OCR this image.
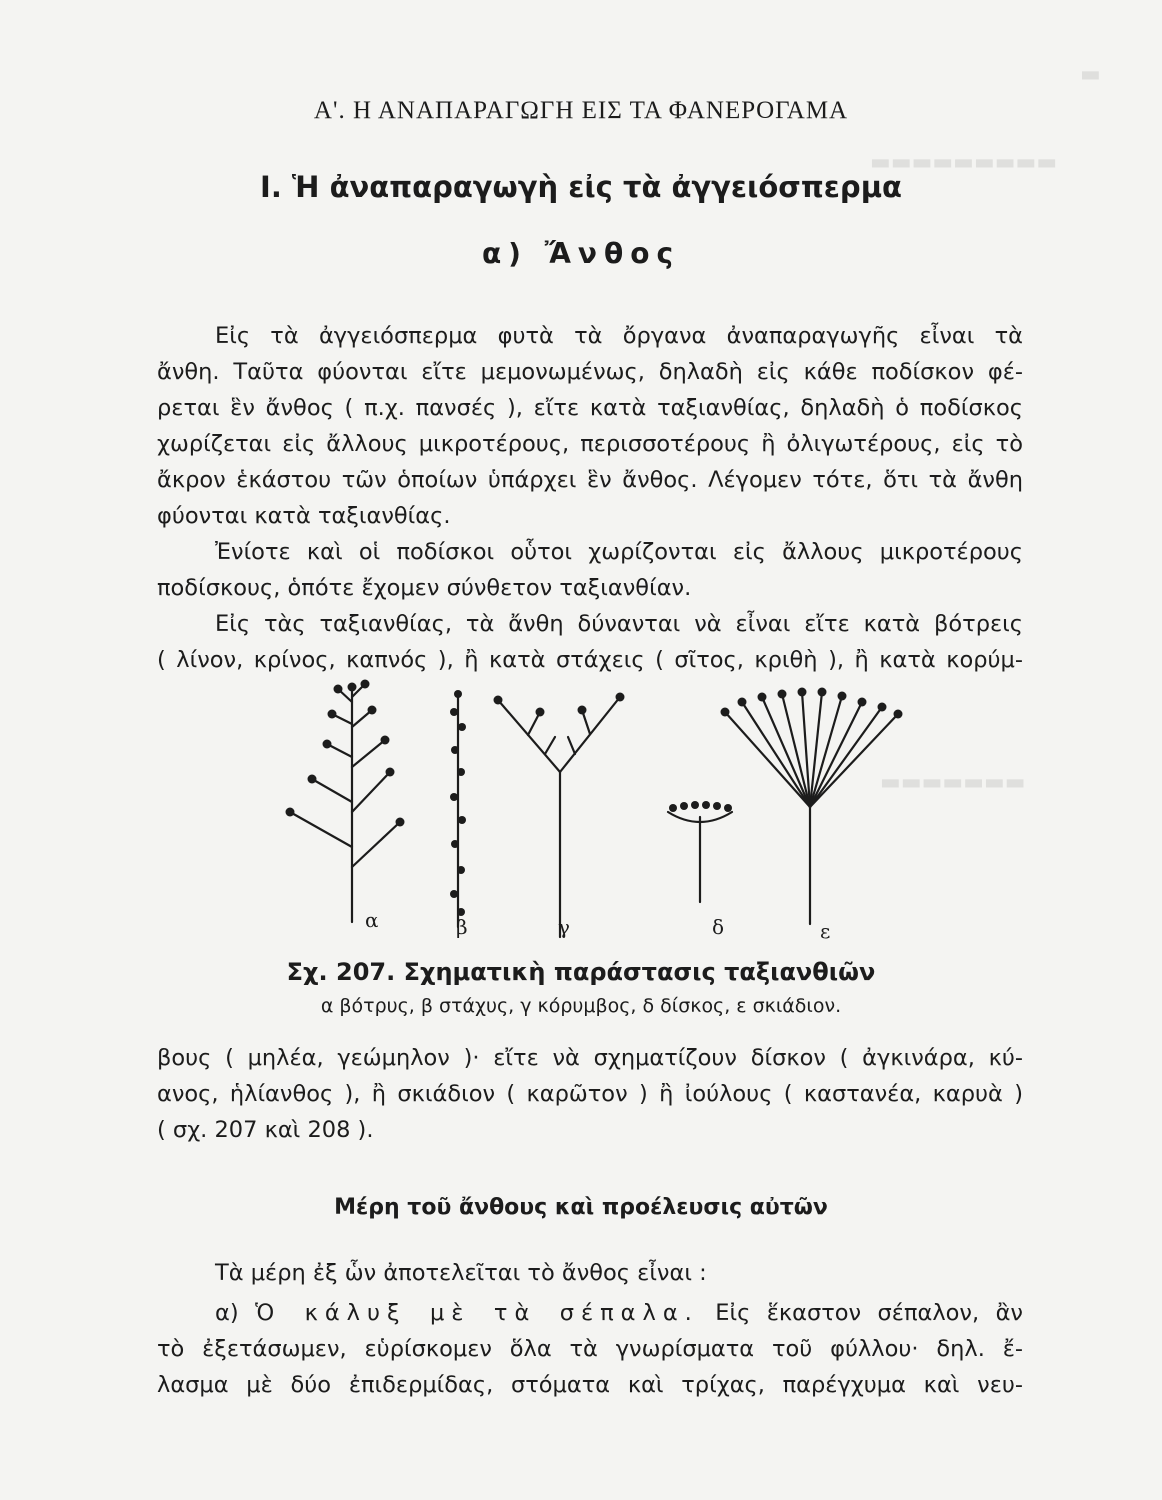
▬
▬▬▬▬▬▬▬▬▬
▬▬▬▬▬▬▬
Α'. Η ΑΝΑΠΑΡΑΓΩΓΗ ΕΙΣ ΤΑ ΦΑΝΕΡΟΓΑΜΑ
Ι. Ἡ ἀναπαραγωγὴ εἰς τὰ ἀγγειόσπερμα
α) Ἄνθος

Εἰς τὰ ἀγγειόσπερμα φυτὰ τὰ ὄργανα ἀναπαραγωγῆς εἶναι τὰ

ἄνθη. Ταῦτα φύονται εἴτε μεμονωμένως, δηλαδὴ εἰς κάθε ποδίσκον φέ-

ρεται ἓν ἄνθος ( π.χ. πανσές ), εἴτε κατὰ ταξιανθίας, δηλαδὴ ὁ ποδίσκος

χωρίζεται εἰς ἄλλους μικροτέρους, περισσοτέρους ἢ ὀλιγωτέρους, εἰς τὸ

ἄκρον ἑκάστου τῶν ὁποίων ὑπάρχει ἓν ἄνθος. Λέγομεν τότε, ὅτι τὰ ἄνθη

φύονται κατὰ ταξιανθίας.

Ἐνίοτε καὶ οἱ ποδίσκοι οὗτοι χωρίζονται εἰς ἄλλους μικροτέρους

ποδίσκους, ὁπότε ἔχομεν σύνθετον ταξιανθίαν.

Εἰς τὰς ταξιανθίας, τὰ ἄνθη δύνανται νὰ εἶναι εἴτε κατὰ βότρεις

( λίνον, κρίνος, καπνός ), ἢ κατὰ στάχεις ( σῖτος, κριθὴ ), ἢ κατὰ κορύμ-

α	β	γ	δ	ε
Σχ. 207. Σχηματικὴ παράστασις ταξιανθιῶν
α βότρυς, β στάχυς, γ κόρυμβος, δ δίσκος, ε σκιάδιον.

βους ( μηλέα, γεώμηλον )· εἴτε νὰ σχηματίζουν δίσκον ( ἀγκινάρα, κύ-

ανος, ἡλίανθος ), ἢ σκιάδιον ( καρῶτον ) ἢ ἰούλους ( καστανέα, καρυὰ )

( σχ. 207 καὶ 208 ).

Μέρη τοῦ ἄνθους καὶ προέλευσις αὐτῶν

Τὰ μέρη ἐξ ὧν ἀποτελεῖται τὸ ἄνθος εἶναι :

α) Ὁ κάλυξ μὲ τὰ σέπαλα. Εἰς ἕκαστον σέπαλον, ἂν

τὸ ἐξετάσωμεν, εὑρίσκομεν ὅλα τὰ γνωρίσματα τοῦ φύλλου· δηλ. ἔ-

λασμα μὲ δύο ἐπιδερμίδας, στόματα καὶ τρίχας, παρέγχυμα καὶ νευ-
